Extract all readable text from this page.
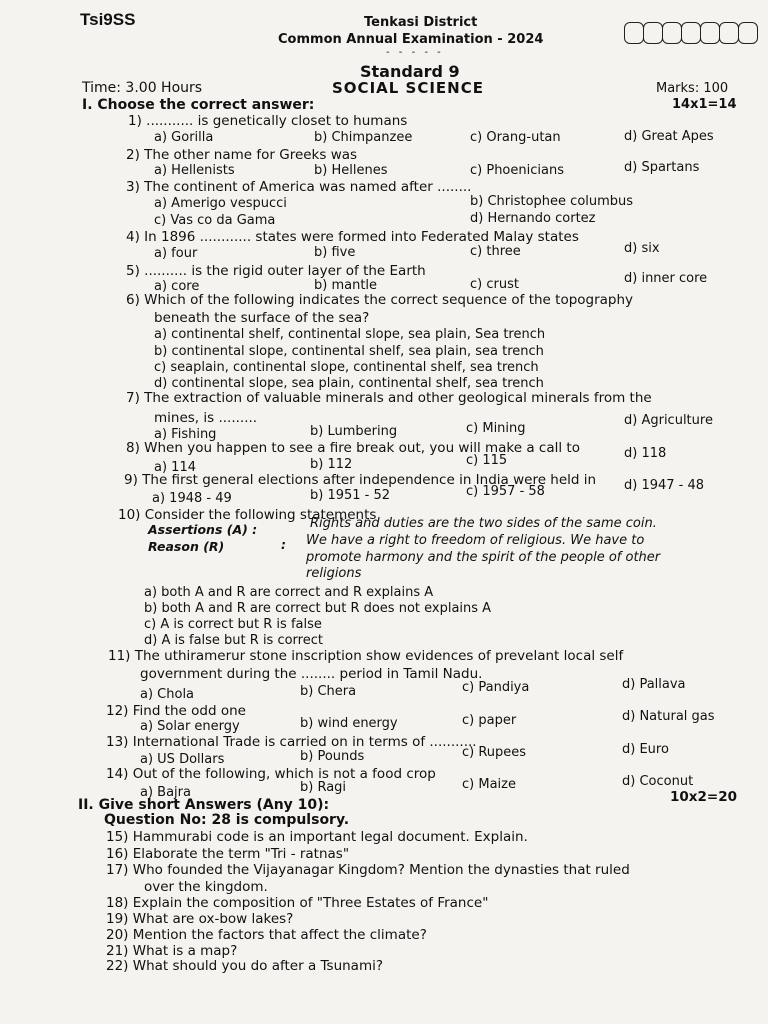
Tsi9SS	Tenkasi District
Common Annual Examination - 2024
- - - - -
Standard 9
Time: 3.00 Hours	SOCIAL SCIENCE	Marks: 100
I. Choose the correct answer:	14x1=14
1) ........... is genetically closet to humans
a) Gorilla	b) Chimpanzee	c) Orang-utan	d) Great Apes
2) The other name for Greeks was
a) Hellenists	b) Hellenes	c) Phoenicians	d) Spartans
3) The continent of America was named after ........
a) Amerigo vespucci	b) Christophee columbus
c) Vas co da Gama	d) Hernando cortez
4) In 1896 ............ states were formed into Federated Malay states
a) four	b) five	c) three	d) six
5) .......... is the rigid outer layer of the Earth
a) core	b) mantle	c) crust	d) inner core
6) Which of the following indicates the correct sequence of the topography
beneath the surface of the sea?
a) continental shelf, continental slope, sea plain, Sea trench
b) continental slope, continental shelf, sea plain, sea trench
c) seaplain, continental slope, continental shelf, sea trench
d) continental slope, sea plain, continental shelf, sea trench
7) The extraction of valuable minerals and other geological minerals from the
mines, is .........
a) Fishing	b) Lumbering	c) Mining
d) Agriculture
8) When you happen to see a fire break out, you will make a call to
a) 114	b) 112	c) 115	d) 118
9) The first general elections after independence in India were held in
a) 1948 - 49	b) 1951 - 52	c) 1957 - 58	d) 1947 - 48
10) Consider the following statements
Assertions (A) :	Rights and duties are the two sides of the same coin.
Reason (R)	: We have a right to freedom of religious. We have to
promote harmony and the spirit of the people of other
religions
a) both A and R are correct and R explains A
b) both A and R are correct but R does not explains A
c) A is correct but R is false
d) A is false but R is correct
11) The uthiramerur stone inscription show evidences of prevelant local self
government during the ........ period in Tamil Nadu.
a) Chola	b) Chera	c) Pandiya	d) Pallava
12) Find the odd one
a) Solar energy	b) wind energy	c) paper	d) Natural gas
13) International Trade is carried on in terms of ...........
a) US Dollars	b) Pounds	c) Rupees	d) Euro
14) Out of the following, which is not a food crop
a) Bajra	b) Ragi	c) Maize	d) Coconut
II. Give short Answers (Any 10):	10x2=20
Question No: 28 is compulsory.
15) Hammurabi code is an important legal document. Explain.
16) Elaborate the term "Tri - ratnas"
17) Who founded the Vijayanagar Kingdom? Mention the dynasties that ruled
over the kingdom.
18) Explain the composition of "Three Estates of France"
19) What are ox-bow lakes?
20) Mention the factors that affect the climate?
21) What is a map?
22) What should you do after a Tsunami?
